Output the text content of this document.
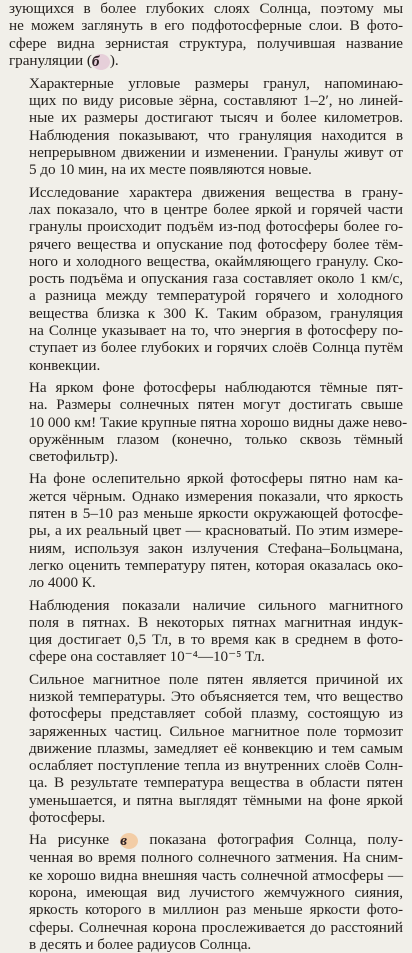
зующихся в более глубоких слоях Солнца, поэтому мы
не можем заглянуть в его подфотосферные слои. В фото-
сфере видна зернистая структура, получившая название
грануляции (б ).

Характерные угловые размеры гранул, напоминаю-
щих по виду рисовые зёрна, составляют 1–2′, но линей-
ные их размеры достигают тысяч и более километров.
Наблюдения показывают, что грануляция находится в
непрерывном движении и изменении. Гранулы живут от
5 до 10 мин, на их месте появляются новые.

Исследование характера движения вещества в грану-
лах показало, что в центре более яркой и горячей части
гранулы происходит подъём из-под фотосферы более го-
рячего вещества и опускание под фотосферу более тём-
ного и холодного вещества, окаймляющего гранулу. Ско-
рость подъёма и опускания газа составляет около 1 км/с,
а разница между температурой горячего и холодного
вещества близка к 300 К. Таким образом, грануляция
на Солнце указывает на то, что энергия в фотосферу по-
ступает из более глубоких и горячих слоёв Солнца путём
конвекции.

На ярком фоне фотосферы наблюдаются тёмные пят-
на. Размеры солнечных пятен могут достигать свыше
10 000 км! Такие крупные пятна хорошо видны даже нево-
оружённым глазом (конечно, только сквозь тёмный
светофильтр).

На фоне ослепительно яркой фотосферы пятно нам ка-
жется чёрным. Однако измерения показали, что яркость
пятен в 5–10 раз меньше яркости окружающей фотосфе-
ры, а их реальный цвет — красноватый. По этим измере-
ниям, используя закон излучения Стефана–Больцмана,
легко оценить температуру пятен, которая оказалась око-
ло 4000 К.

Наблюдения показали наличие сильного магнитного
поля в пятнах. В некоторых пятнах магнитная индук-
ция достигает 0,5 Тл, в то время как в среднем в фото-
сфере она составляет 10⁻⁴—10⁻⁵ Тл.

Сильное магнитное поле пятен является причиной их
низкой температуры. Это объясняется тем, что вещество
фотосферы представляет собой плазму, состоящую из
заряженных частиц. Сильное магнитное поле тормозит
движение плазмы, замедляет её конвекцию и тем самым
ослабляет поступление тепла из внутренних слоёв Солн-
ца. В результате температура вещества в области пятен
уменьшается, и пятна выглядят тёмными на фоне яркой
фотосферы.

На рисунке в показана фотография Солнца, полу-
ченная во время полного солнечного затмения. На сним-
ке хорошо видна внешняя часть солнечной атмосферы —
корона, имеющая вид лучистого жемчужного сияния,
яркость которого в миллион раз меньше яркости фото-
сферы. Солнечная корона прослеживается до расстояний
в десять и более радиусов Солнца.
